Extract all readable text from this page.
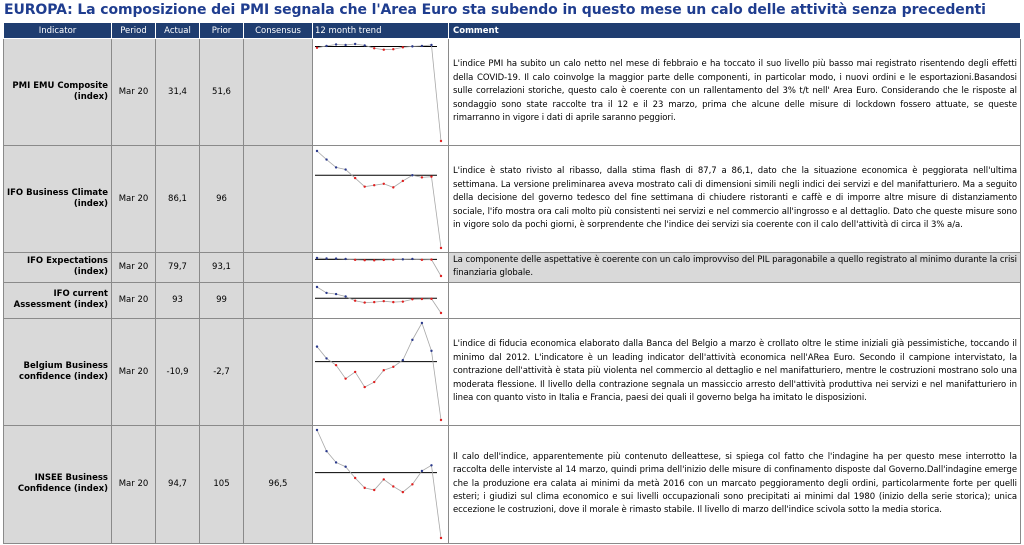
EUROPA: La composizione dei PMI segnala che l'Area Euro sta subendo in questo mese un calo delle attività senza precedenti
Indicator	Period	Actual	Prior	Consensus	12 month trend	Comment
PMI EMU Composite (index)	Mar 20	31,4	51,6			L'indice PMI ha subito un calo netto nel mese di febbraio e ha toccato il suo livello più basso mai registrato risentendo degli effetti della COVID-19. Il calo coinvolge la maggior parte delle componenti, in particolar modo, i nuovi ordini e le esportazioni.Basandosi sulle correlazioni storiche, questo calo è coerente con un rallentamento del 3% t/t nell' Area Euro. Considerando che le risposte al sondaggio sono state raccolte tra il 12 e il 23 marzo, prima che alcune delle misure di lockdown fossero attuate, se queste rimarranno in vigore i dati di aprile saranno peggiori.
IFO Business Climate (index)	Mar 20	86,1	96			L'indice è stato rivisto al ribasso, dalla stima flash di 87,7 a 86,1, dato che la situazione economica è peggiorata nell'ultima settimana. La versione preliminarea aveva mostrato cali di dimensioni simili negli indici dei servizi e del manifatturiero. Ma a seguito della decisione del governo tedesco del fine settimana di chiudere ristoranti e caffè e di imporre altre misure di distanziamento sociale, l'ifo mostra ora cali molto più consistenti nei servizi e nel commercio all'ingrosso e al dettaglio. Dato che queste misure sono in vigore solo da pochi giorni, è sorprendente che l'indice dei servizi sia coerente con il calo dell'attività di circa il 3% a/a.
IFO Expectations (index)	Mar 20	79,7	93,1			La componente delle aspettative è coerente con un calo improvviso del PIL paragonabile a quello registrato al minimo durante la crisi finanziaria globale.
IFO current Assessment (index)	Mar 20	93	99		

Belgium Business confidence (index)	Mar 20	-10,9	-2,7			L'indice di fiducia economica elaborato dalla Banca del Belgio a marzo è crollato oltre le stime iniziali già pessimistiche, toccando il minimo dal 2012. L'indicatore è un leading indicator dell'attività economica nell'ARea Euro. Secondo il campione intervistato, la contrazione dell'attività è stata più violenta nel commercio al dettaglio e nel manifatturiero, mentre le costruzioni mostrano solo una moderata flessione. Il livello della contrazione segnala un massiccio arresto dell'attività produttiva nei servizi e nel manifatturiero in linea con quanto visto in Italia e Francia, paesi dei quali il governo belga ha imitato le disposizioni.
INSEE Business Confidence (index)	Mar 20	94,7	105	96,5		Il calo dell'indice, apparentemente più contenuto delleattese, si spiega col fatto che l'indagine ha per questo mese interrotto la raccolta delle interviste al 14 marzo, quindi prima dell'inizio delle misure di confinamento disposte dal Governo.Dall'indagine emerge che la produzione era calata ai minimi da metà 2016 con un marcato peggioramento degli ordini, particolarmente forte per quelli esteri; i giudizi sul clima economico e sui livelli occupazionali sono precipitati ai minimi dal 1980 (inizio della serie storica); unica eccezione le costruzioni, dove il morale è rimasto stabile. Il livello di marzo dell'indice scivola sotto la media storica.
